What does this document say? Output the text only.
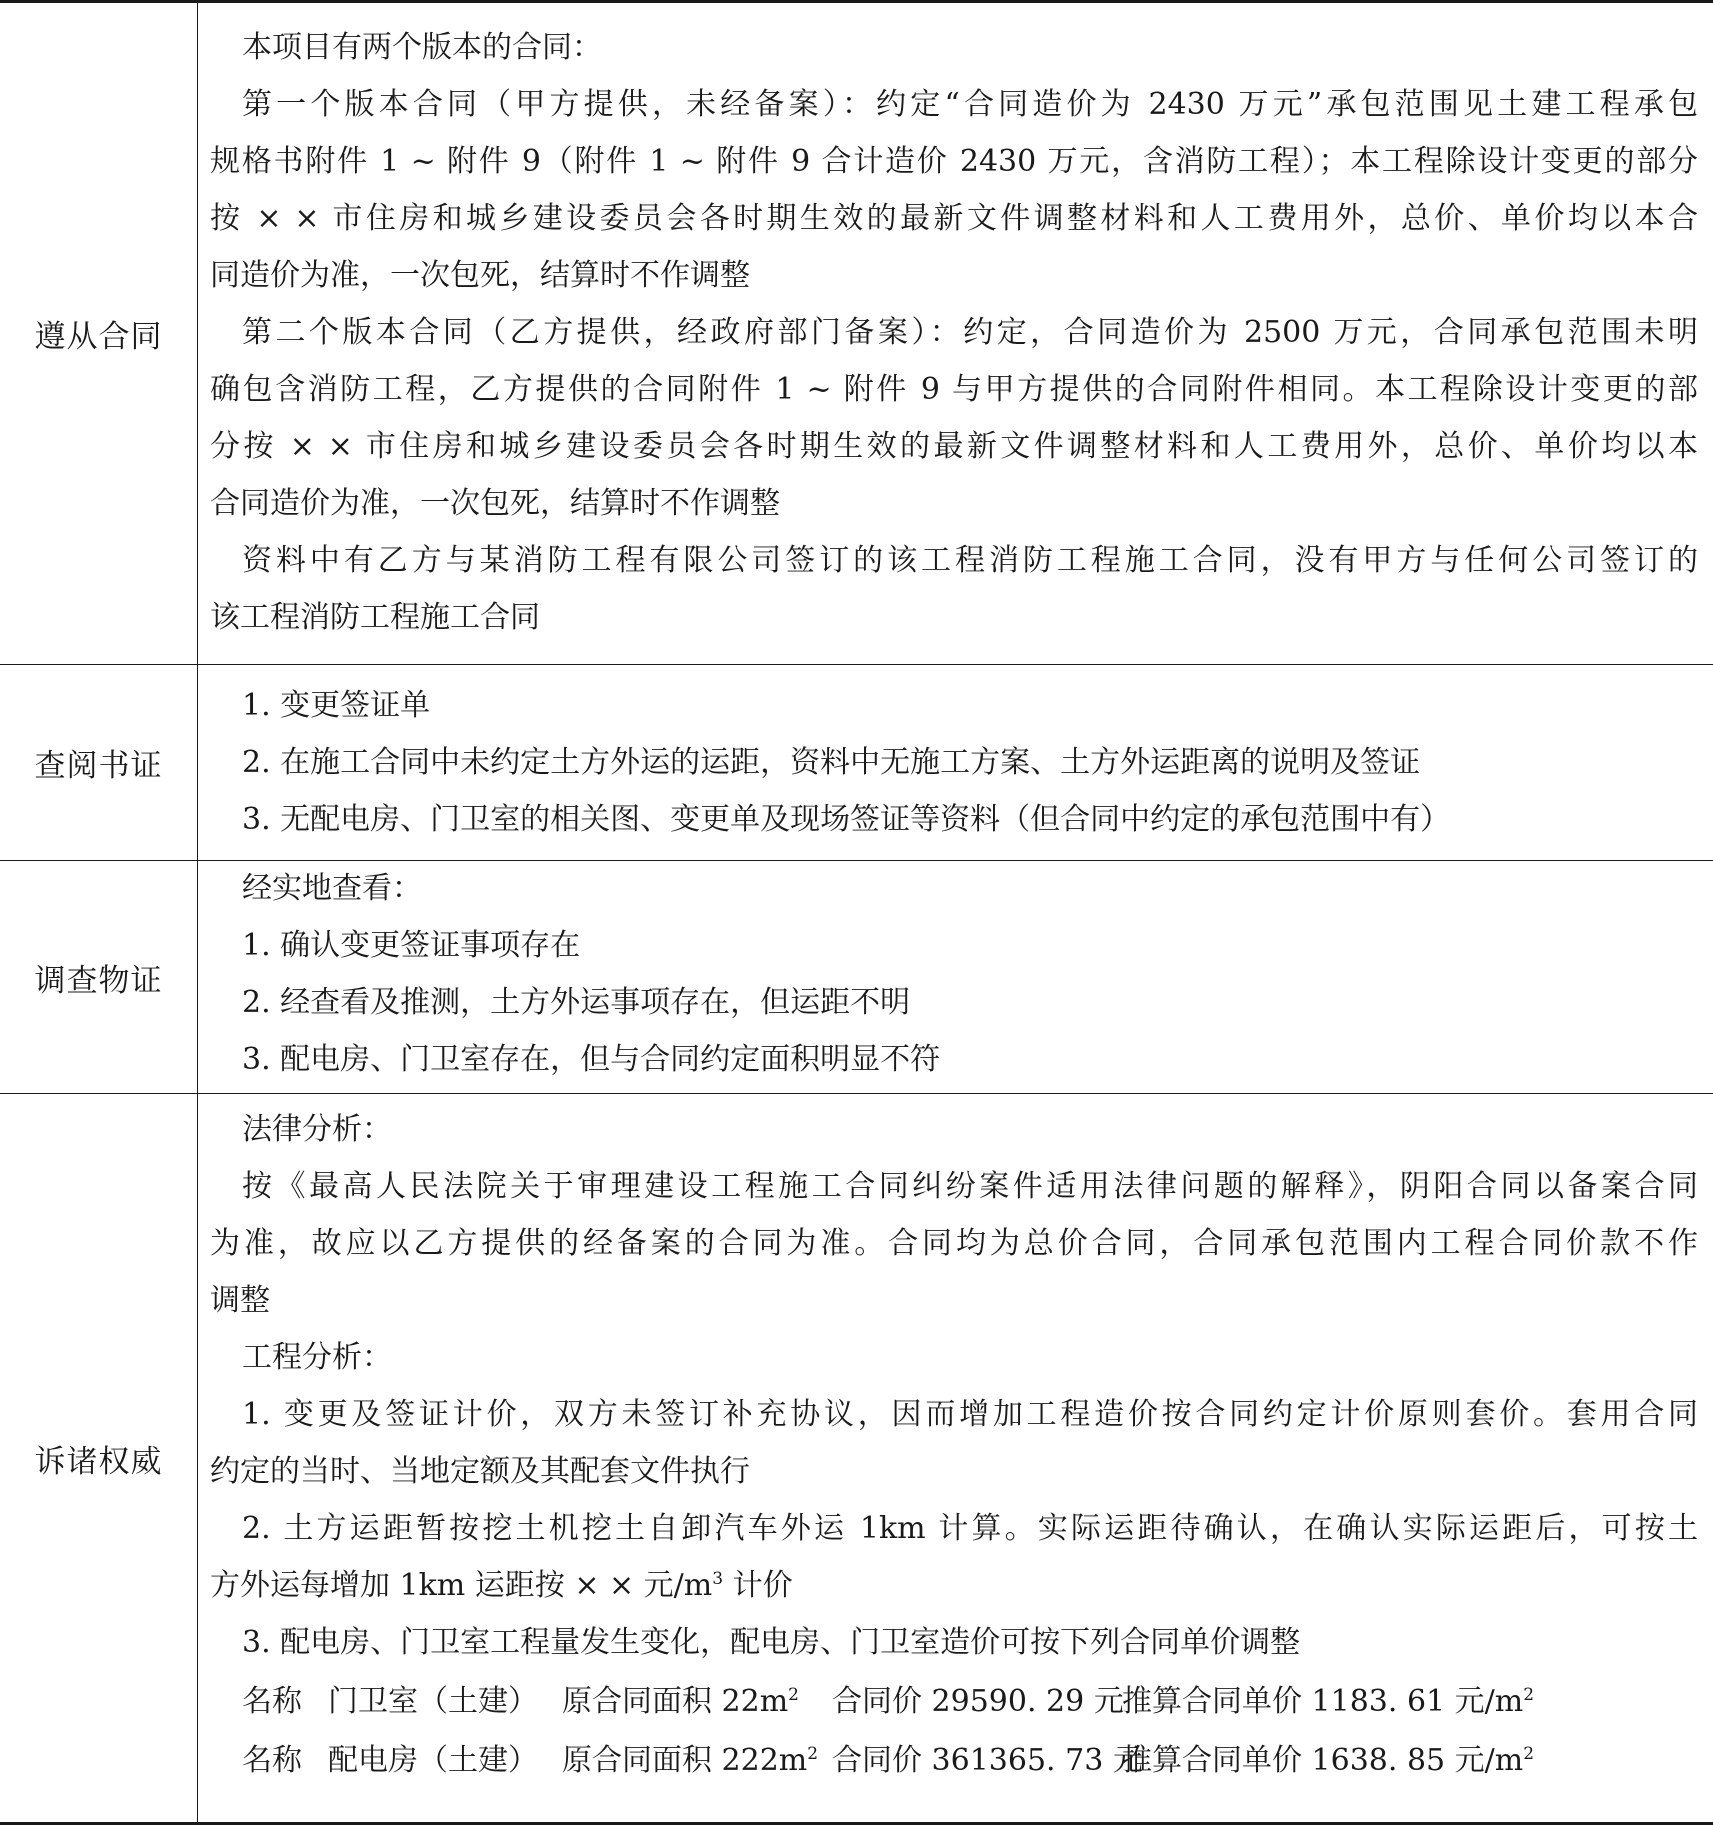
遵从合同
本项目有两个版本的合同：
第一个版本合同（甲方提供，未经备案）：约定“合同造价为 2430 万元”承包范围见土建工程承包
规格书附件 1 ~ 附件 9（附件 1 ~ 附件 9 合计造价 2430 万元，含消防工程）；本工程除设计变更的部分
按 × × 市住房和城乡建设委员会各时期生效的最新文件调整材料和人工费用外，总价、单价均以本合
同造价为准，一次包死，结算时不作调整
第二个版本合同（乙方提供，经政府部门备案）：约定，合同造价为 2500 万元，合同承包范围未明
确包含消防工程，乙方提供的合同附件 1 ~ 附件 9 与甲方提供的合同附件相同。本工程除设计变更的部
分按 × × 市住房和城乡建设委员会各时期生效的最新文件调整材料和人工费用外，总价、单价均以本
合同造价为准，一次包死，结算时不作调整
资料中有乙方与某消防工程有限公司签订的该工程消防工程施工合同，没有甲方与任何公司签订的
该工程消防工程施工合同
查阅书证
1. 变更签证单
2. 在施工合同中未约定土方外运的运距，资料中无施工方案、土方外运距离的说明及签证
3. 无配电房、门卫室的相关图、变更单及现场签证等资料（但合同中约定的承包范围中有）
调查物证
经实地查看：
1. 确认变更签证事项存在
2. 经查看及推测，土方外运事项存在，但运距不明
3. 配电房、门卫室存在，但与合同约定面积明显不符
诉诸权威
法律分析：
按《最高人民法院关于审理建设工程施工合同纠纷案件适用法律问题的解释》，阴阳合同以备案合同
为准，故应以乙方提供的经备案的合同为准。合同均为总价合同，合同承包范围内工程合同价款不作
调整
工程分析：
1. 变更及签证计价，双方未签订补充协议，因而增加工程造价按合同约定计价原则套价。套用合同
约定的当时、当地定额及其配套文件执行
2. 土方运距暂按挖土机挖土自卸汽车外运 1km 计算。实际运距待确认，在确认实际运距后，可按土
方外运每增加 1km 运距按 × × 元$/m^3$ 计价
3. 配电房、门卫室工程量发生变化，配电房、门卫室造价可按下列合同单价调整
名称 门卫室（土建） 原合同面积 $22m^2$ 合同价 29590. 29 元
推算合同单价 1183. 61 元$/m^2$
名称 配电房（土建） 原合同面积 $222m^2$ 合同价 361365. 73 元
推算合同单价 1638. 85 元$/m^2$
